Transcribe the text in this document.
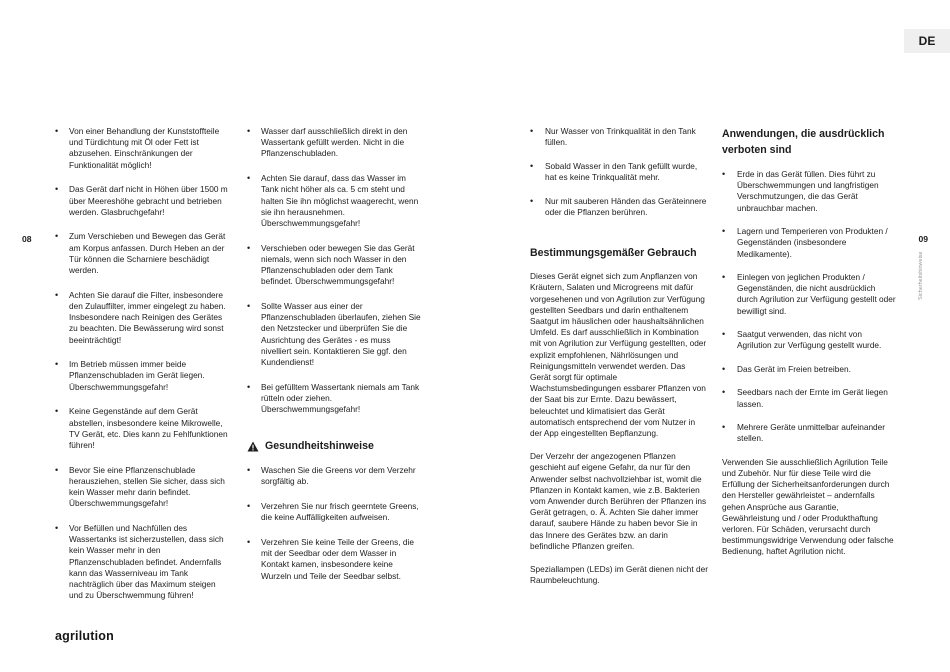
DE
08	09
Sicherheitshinweise
• Von einer Behandlung der Kunststoffteile und Türdichtung mit Öl oder Fett ist abzusehen. Einschränkungen der Funktionalität möglich!
• Das Gerät darf nicht in Höhen über 1500 m über Meereshöhe gebracht und betrieben werden. Glasbruchgefahr!
• Zum Verschieben und Bewegen das Gerät am Korpus anfassen. Durch Heben an der Tür können die Scharniere beschädigt werden.
• Achten Sie darauf die Filter, insbesondere den Zulauffilter, immer eingelegt zu haben. Insbesondere nach Reinigen des Gerätes zu beachten. Die Bewässerung wird sonst beeinträchtigt!
• Im Betrieb müssen immer beide Pflanzenschubladen im Gerät liegen. Überschwemmungsgefahr!
• Keine Gegenstände auf dem Gerät abstellen, insbesondere keine Mikrowelle, TV Gerät, etc. Dies kann zu Fehlfunktionen führen!
• Bevor Sie eine Pflanzenschublade herausziehen, stellen Sie sicher, dass sich kein Wasser mehr darin befindet. Überschwemmungsgefahr!
• Vor Befüllen und Nachfüllen des Wassertanks ist sicherzustellen, dass sich kein Wasser mehr in den Pflanzenschubladen befindet. Andernfalls kann das Wasserniveau im Tank nachträglich über das Maximum steigen und zu Überschwemmung führen!
• Wasser darf ausschließlich direkt in den Wassertank gefüllt werden. Nicht in die Pflanzenschubladen.
• Achten Sie darauf, dass das Wasser im Tank nicht höher als ca. 5 cm steht und halten Sie ihn möglichst waagerecht, wenn sie ihn herausnehmen. Überschwemmungsgefahr!
• Verschieben oder bewegen Sie das Gerät niemals, wenn sich noch Wasser in den Pflanzenschubladen oder dem Tank befindet. Überschwemmungsgefahr!
• Sollte Wasser aus einer der Pflanzenschubladen überlaufen, ziehen Sie den Netzstecker und überprüfen Sie die Ausrichtung des Gerätes - es muss nivelliert sein. Kontaktieren Sie ggf. den Kundendienst!
• Bei gefülltem Wassertank niemals am Tank rütteln oder ziehen. Überschwemmungsgefahr!
Gesundheitshinweise
• Waschen Sie die Greens vor dem Verzehr sorgfältig ab.
• Verzehren Sie nur frisch geerntete Greens, die keine Auffälligkeiten aufweisen.
• Verzehren Sie keine Teile der Greens, die mit der Seedbar oder dem Wasser in Kontakt kamen, insbesondere keine Wurzeln und Teile der Seedbar selbst.
• Nur Wasser von Trinkqualität in den Tank füllen.
• Sobald Wasser in den Tank gefüllt wurde, hat es keine Trinkqualität mehr.
• Nur mit sauberen Händen das Geräteinnere oder die Pflanzen berühren.
Bestimmungsgemäßer Gebrauch

Dieses Gerät eignet sich zum Anpflanzen von Kräutern, Salaten und Microgreens mit dafür vorgesehenen und von Agrilution zur Verfügung gestellten Seedbars und darin enthaltenem Saatgut im häuslichen oder haushaltsähnlichen Umfeld. Es darf ausschließlich in Kombination mit von Agrilution zur Verfügung gestellten, oder explizit empfohlenen, Nährlösungen und Reinigungsmitteln verwendet werden. Das Gerät sorgt für optimale Wachstumsbedingungen essbarer Pflanzen von der Saat bis zur Ernte. Dazu bewässert, beleuchtet und klimatisiert das Gerät automatisch entsprechend der vom Nutzer in der App eingestellten Bepflanzung.

Der Verzehr der angezogenen Pflanzen geschieht auf eigene Gefahr, da nur für den Anwender selbst nachvollziehbar ist, womit die Pflanzen in Kontakt kamen, wie z.B. Bakterien vom Anwender durch Berühren der Pflanzen ins Gerät getragen, o. Ä. Achten Sie daher immer darauf, saubere Hände zu haben bevor Sie in das Innere des Gerätes bzw. an darin befindliche Pflanzen greifen.

Speziallampen (LEDs) im Gerät dienen nicht der Raumbeleuchtung.

Anwendungen, die ausdrücklich verboten sind
• Erde in das Gerät füllen. Dies führt zu Überschwemmungen und langfristigen Verschmutzungen, die das Gerät unbrauchbar machen.
• Lagern und Temperieren von Produkten / Gegenständen (insbesondere Medikamente).
• Einlegen von jeglichen Produkten / Gegenständen, die nicht ausdrücklich durch Agrilution zur Verfügung gestellt oder bewilligt sind.
• Saatgut verwenden, das nicht von Agrilution zur Verfügung gestellt wurde.
• Das Gerät im Freien betreiben.
• Seedbars nach der Ernte im Gerät liegen lassen.
• Mehrere Geräte unmittelbar aufeinander stellen.

Verwenden Sie ausschließlich Agrilution Teile und Zubehör. Nur für diese Teile wird die Erfüllung der Sicherheitsanforderungen durch den Hersteller gewährleistet – andernfalls gehen Ansprüche aus Garantie, Gewährleistung und / oder Produkthaftung verloren. Für Schäden, verursacht durch bestimmungswidrige Verwendung oder falsche Bedienung, haftet Agrilution nicht.

agrilution
